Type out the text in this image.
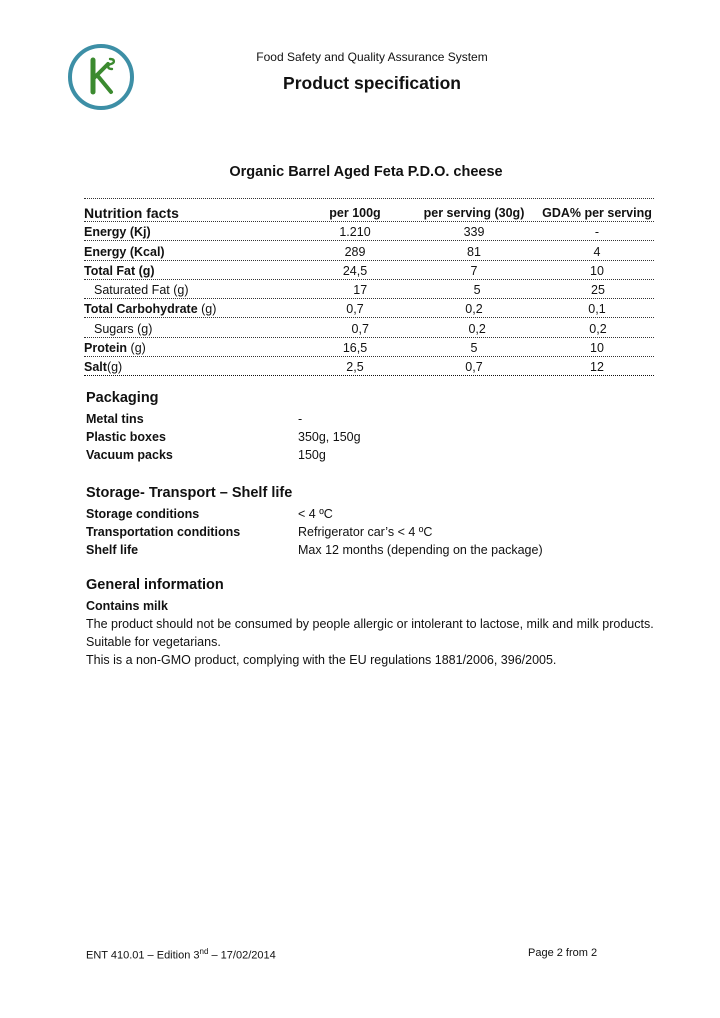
Food Safety and Quality Assurance System
Product specification
Organic Barrel Aged Feta P.D.O. cheese
Nutrition facts	per 100g	per serving (30g)	GDA% per serving
Energy (Kj)	1.210	339	-
Energy (Kcal)	289	81	4
Total Fat (g)	24,5	7	10
Saturated Fat (g)	17	5	25
Total Carbohydrate (g)	0,7	0,2	0,1
Sugars (g)	0,7	0,2	0,2
Protein (g)	16,5	5	10
Salt(g)	2,5	0,7	12
Packaging
Metal tins	-
Plastic boxes	350g, 150g
Vacuum packs	150g
Storage- Transport – Shelf life
Storage conditions	< 4 ºC
Transportation conditions	Refrigerator car’s < 4 ºC
Shelf life	Max 12 months (depending on the package)
General information

Contains milk

The product should not be consumed by people allergic or intolerant to lactose, milk and milk products.

Suitable for vegetarians.

This is a non-GMO product, complying with the EU regulations 1881/2006, 396/2005.

ENT 410.01 – Edition 3nd – 17/02/2014	Page 2 from 2
